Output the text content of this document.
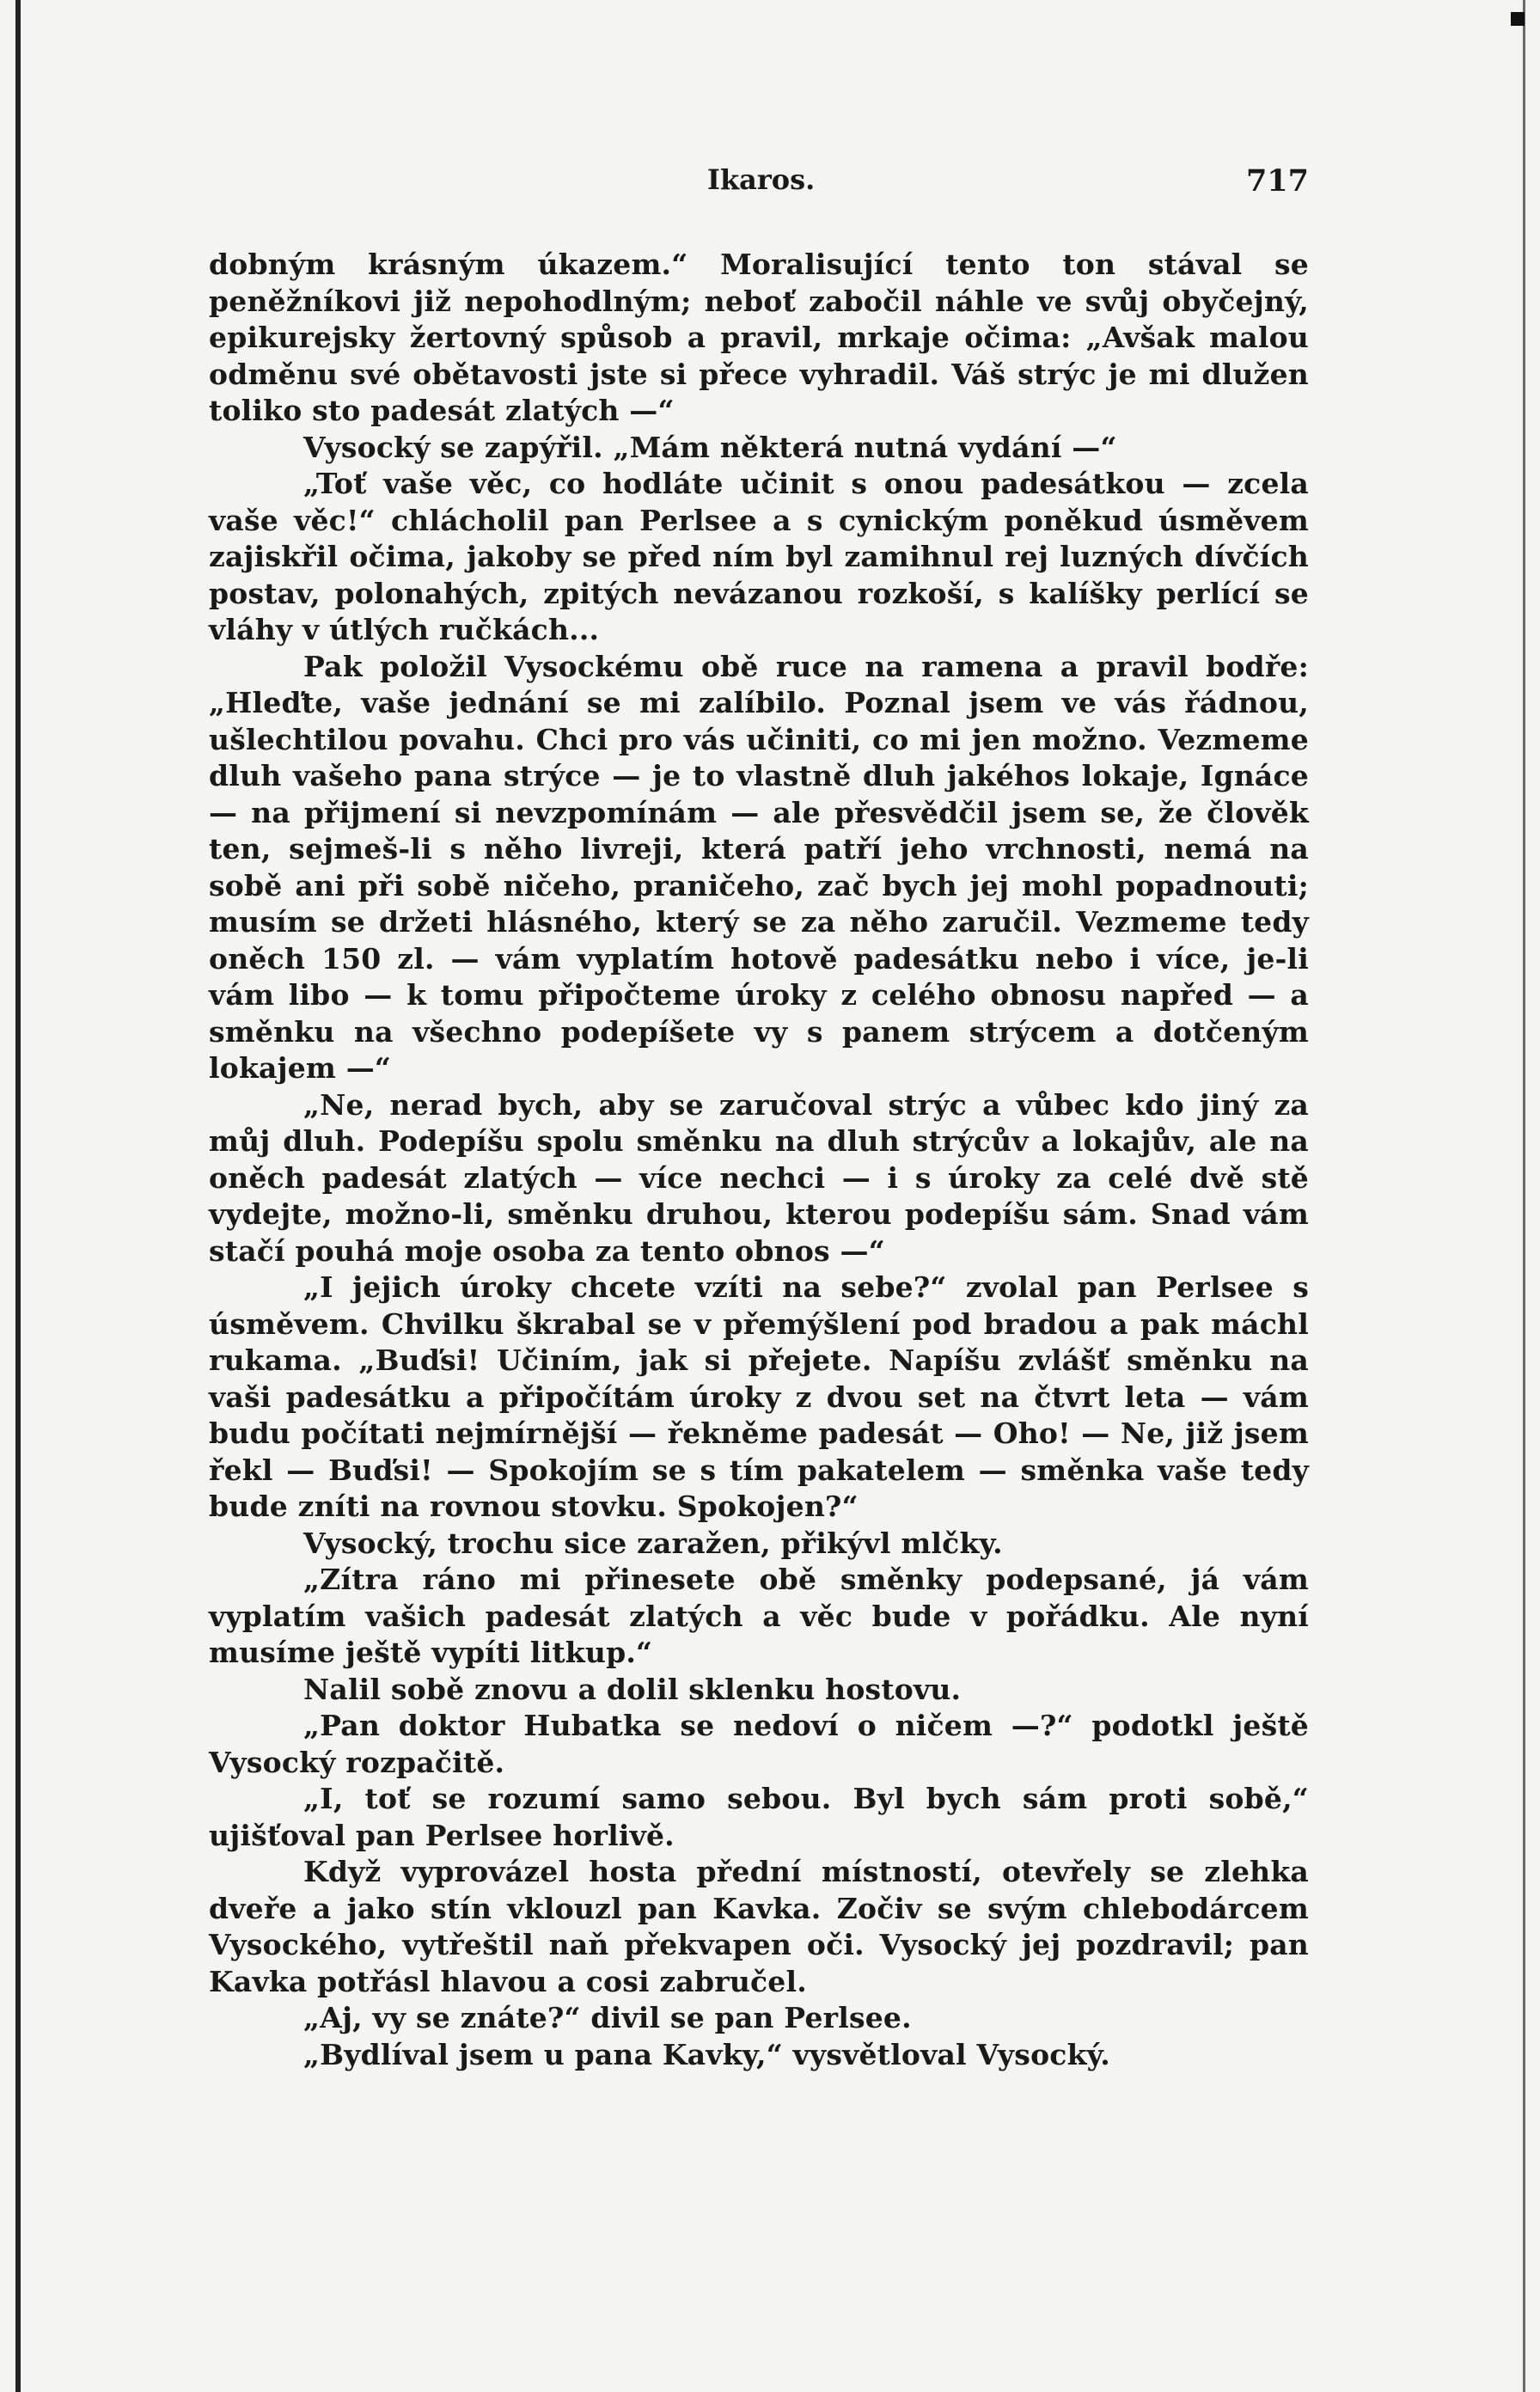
Ikaros.	717

dobným krásným úkazem.“ Moralisující tento ton stával se peněžníkovi již nepohodlným; neboť zabočil náhle ve svůj obyčejný, epikurejsky žertovný spůsob a pravil, mrkaje očima: „Avšak malou odměnu své obětavosti jste si přece vyhradil. Váš strýc je mi dlužen toliko sto padesát zlatých —“

Vysocký se zapýřil. „Mám některá nutná vydání —“

„Toť vaše věc, co hodláte učinit s onou padesátkou — zcela vaše věc!“ chlácholil pan Perlsee a s cynickým poněkud úsměvem zajiskřil očima, jakoby se před ním byl zamihnul rej luzných dívčích postav, polonahých, zpitých nevázanou rozkoší, s kalíšky perlící se vláhy v útlých ručkách...

Pak položil Vysockému obě ruce na ramena a pravil bodře: „Hleďte, vaše jednání se mi zalíbilo. Poznal jsem ve vás řádnou, ušlechtilou povahu. Chci pro vás učiniti, co mi jen možno. Vezmeme dluh vašeho pana strýce — je to vlastně dluh jakéhos lokaje, Ignáce — na přijmení si nevzpomínám — ale přesvědčil jsem se, že člověk ten, sejmeš-li s něho livreji, která patří jeho vrchnosti, nemá na sobě ani při sobě ničeho, praničeho, zač bych jej mohl popadnouti; musím se držeti hlásného, který se za něho zaručil. Vezmeme tedy oněch 150 zl. — vám vyplatím hotově padesátku nebo i více, je-li vám libo — k tomu připočteme úroky z celého obnosu napřed — a směnku na všechno podepíšete vy s panem strýcem a dotčeným lokajem —“

„Ne, nerad bych, aby se zaručoval strýc a vůbec kdo jiný za můj dluh. Podepíšu spolu směnku na dluh strýcův a lokajův, ale na oněch padesát zlatých — více nechci — i s úroky za celé dvě stě vydejte, možno-li, směnku druhou, kterou podepíšu sám. Snad vám stačí pouhá moje osoba za tento obnos —“

„I jejich úroky chcete vzíti na sebe?“ zvolal pan Perlsee s úsměvem. Chvilku škrabal se v přemýšlení pod bradou a pak máchl rukama. „Buďsi! Učiním, jak si přejete. Napíšu zvlášť směnku na vaši padesátku a připočítám úroky z dvou set na čtvrt leta — vám budu počítati nejmírnější — řekněme padesát — Oho! — Ne, již jsem řekl — Buďsi! — Spokojím se s tím pakatelem — směnka vaše tedy bude zníti na rovnou stovku. Spokojen?“

Vysocký, trochu sice zaražen, přikývl mlčky.

„Zítra ráno mi přinesete obě směnky podepsané, já vám vyplatím vašich padesát zlatých a věc bude v pořádku. Ale nyní musíme ještě vypíti litkup.“

Nalil sobě znovu a dolil sklenku hostovu.

„Pan doktor Hubatka se nedoví o ničem —?“ podotkl ještě Vysocký rozpačitě.

„I, toť se rozumí samo sebou. Byl bych sám proti sobě,“ ujišťoval pan Perlsee horlivě.

Když vyprovázel hosta přední místností, otevřely se zlehka dveře a jako stín vklouzl pan Kavka. Zočiv se svým chlebodárcem Vysockého, vytřeštil naň překvapen oči. Vysocký jej pozdravil; pan Kavka potřásl hlavou a cosi zabručel.

„Aj, vy se znáte?“ divil se pan Perlsee.

„Bydlíval jsem u pana Kavky,“ vysvětloval Vysocký.
